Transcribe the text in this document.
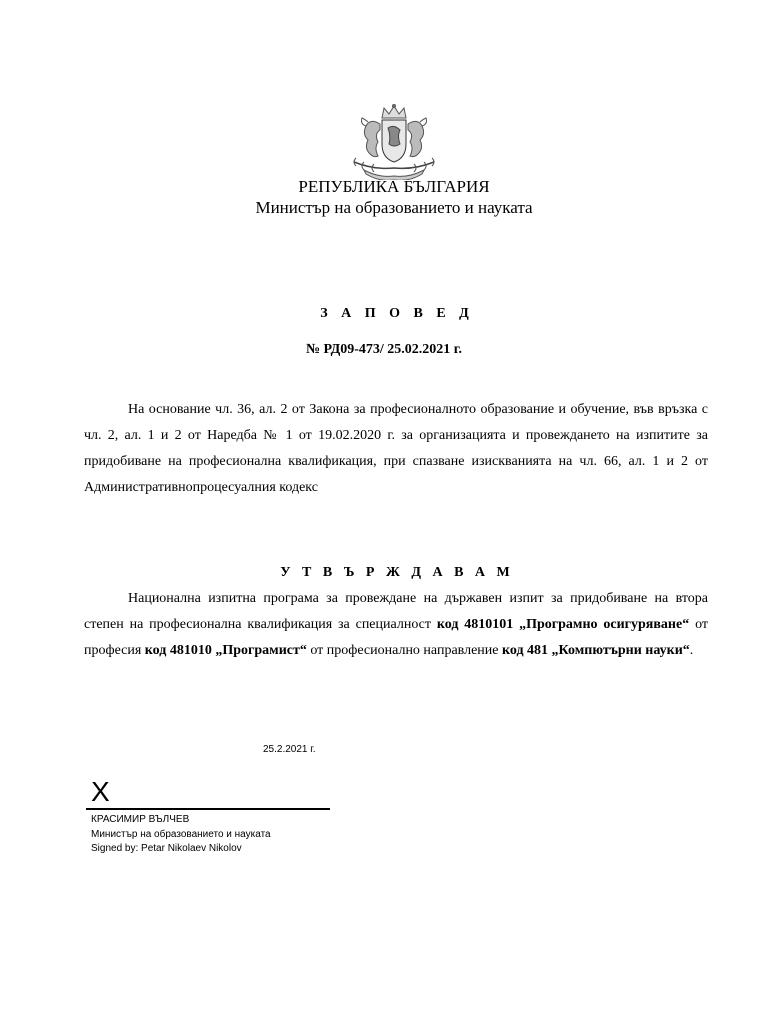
РЕПУБЛИКА БЪЛГАРИЯ
Министър на образованието и науката
З А П О В Е Д
№ РД09-473/ 25.02.2021 г.

На основание чл. 36, ал. 2 от Закона за професионалното образование и обучение, във връзка с чл. 2, ал. 1 и 2 от Наредба № 1 от 19.02.2020 г. за организацията и провеждането на изпитите за придобиване на професионална квалификация, при спазване изискванията на чл. 66, ал. 1 и 2 от Административнопроцесуалния кодекс

У Т В Ъ Р Ж Д А В А М

Национална изпитна програма за провеждане на държавен изпит за придобиване на втора степен на професионална квалификация за специалност код 4810101 „Програмно осигуряване“ от професия код 481010 „Програмист“ от професионално направление код 481 „Компютърни науки“.

25.2.2021 г.
X
КРАСИМИР ВЪЛЧЕВ
Министър на образованието и науката
Signed by: Petar Nikolaev Nikolov
